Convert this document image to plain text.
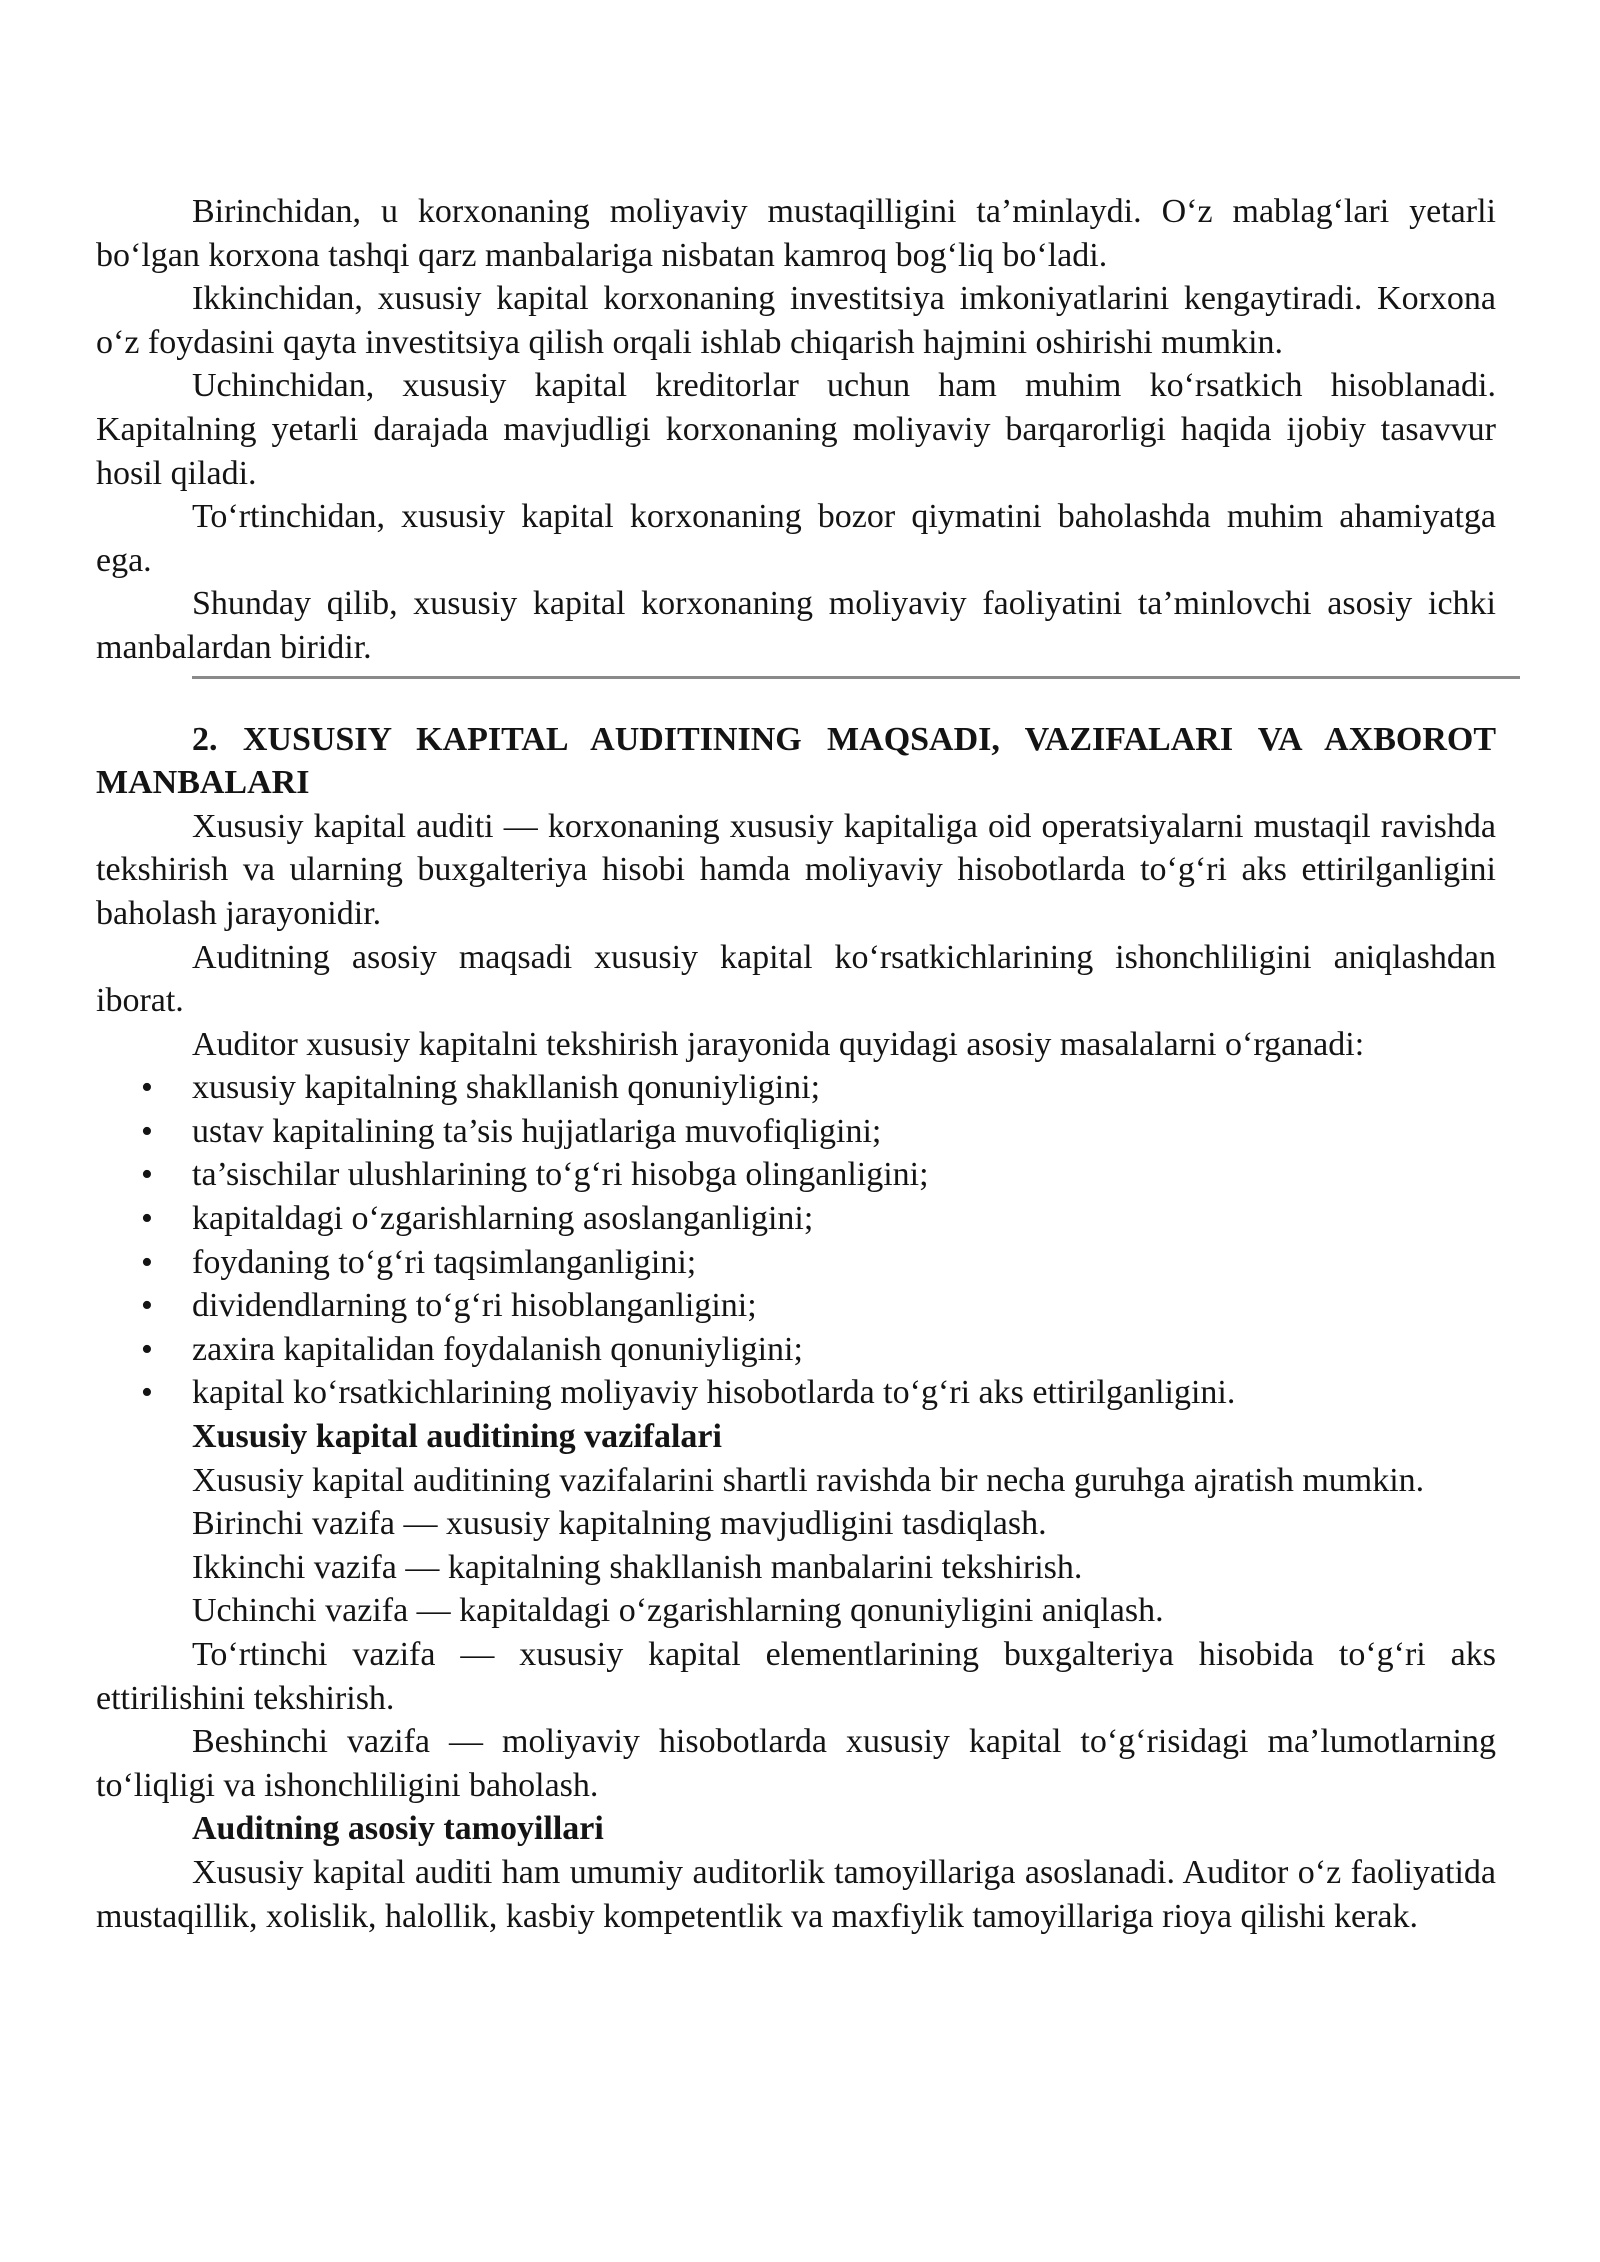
Birinchidan, u korxonaning moliyaviy mustaqilligini ta’minlaydi. O‘z mablag‘lari yetarli bo‘lgan korxona tashqi qarz manbalariga nisbatan kamroq bog‘liq bo‘ladi.

Ikkinchidan, xususiy kapital korxonaning investitsiya imkoniyatlarini kengaytiradi. Korxona o‘z foydasini qayta investitsiya qilish orqali ishlab chiqarish hajmini oshirishi mumkin.

Uchinchidan, xususiy kapital kreditorlar uchun ham muhim ko‘rsatkich hisoblanadi. Kapitalning yetarli darajada mavjudligi korxonaning moliyaviy barqarorligi haqida ijobiy tasavvur hosil qiladi.

To‘rtinchidan, xususiy kapital korxonaning bozor qiymatini baholashda muhim ahamiyatga ega.

Shunday qilib, xususiy kapital korxonaning moliyaviy faoliyatini ta’minlovchi asosiy ichki manbalardan biridir.

2. XUSUSIY KAPITAL AUDITINING MAQSADI, VAZIFALARI VA AXBOROT MANBALARI

Xususiy kapital auditi — korxonaning xususiy kapitaliga oid operatsiyalarni mustaqil ravishda tekshirish va ularning buxgalteriya hisobi hamda moliyaviy hisobotlarda to‘g‘ri aks ettirilganligini baholash jarayonidir.

Auditning asosiy maqsadi xususiy kapital ko‘rsatkichlarining ishonchliligini aniqlashdan iborat.

Auditor xususiy kapitalni tekshirish jarayonida quyidagi asosiy masalalarni o‘rganadi:

• xususiy kapitalning shakllanish qonuniyligini;
• ustav kapitalining ta’sis hujjatlariga muvofiqligini;
• ta’sischilar ulushlarining to‘g‘ri hisobga olinganligini;
• kapitaldagi o‘zgarishlarning asoslanganligini;
• foydaning to‘g‘ri taqsimlanganligini;
• dividendlarning to‘g‘ri hisoblanganligini;
• zaxira kapitalidan foydalanish qonuniyligini;
• kapital ko‘rsatkichlarining moliyaviy hisobotlarda to‘g‘ri aks ettirilganligini.

Xususiy kapital auditining vazifalari

Xususiy kapital auditining vazifalarini shartli ravishda bir necha guruhga ajratish mumkin.

Birinchi vazifa — xususiy kapitalning mavjudligini tasdiqlash.

Ikkinchi vazifa — kapitalning shakllanish manbalarini tekshirish.

Uchinchi vazifa — kapitaldagi o‘zgarishlarning qonuniyligini aniqlash.

To‘rtinchi vazifa — xususiy kapital elementlarining buxgalteriya hisobida to‘g‘ri aks ettirilishini tekshirish.

Beshinchi vazifa — moliyaviy hisobotlarda xususiy kapital to‘g‘risidagi ma’lumotlarning to‘liqligi va ishonchliligini baholash.

Auditning asosiy tamoyillari

Xususiy kapital auditi ham umumiy auditorlik tamoyillariga asoslanadi. Auditor o‘z faoliyatida mustaqillik, xolislik, halollik, kasbiy kompetentlik va maxfiylik tamoyillariga rioya qilishi kerak.
